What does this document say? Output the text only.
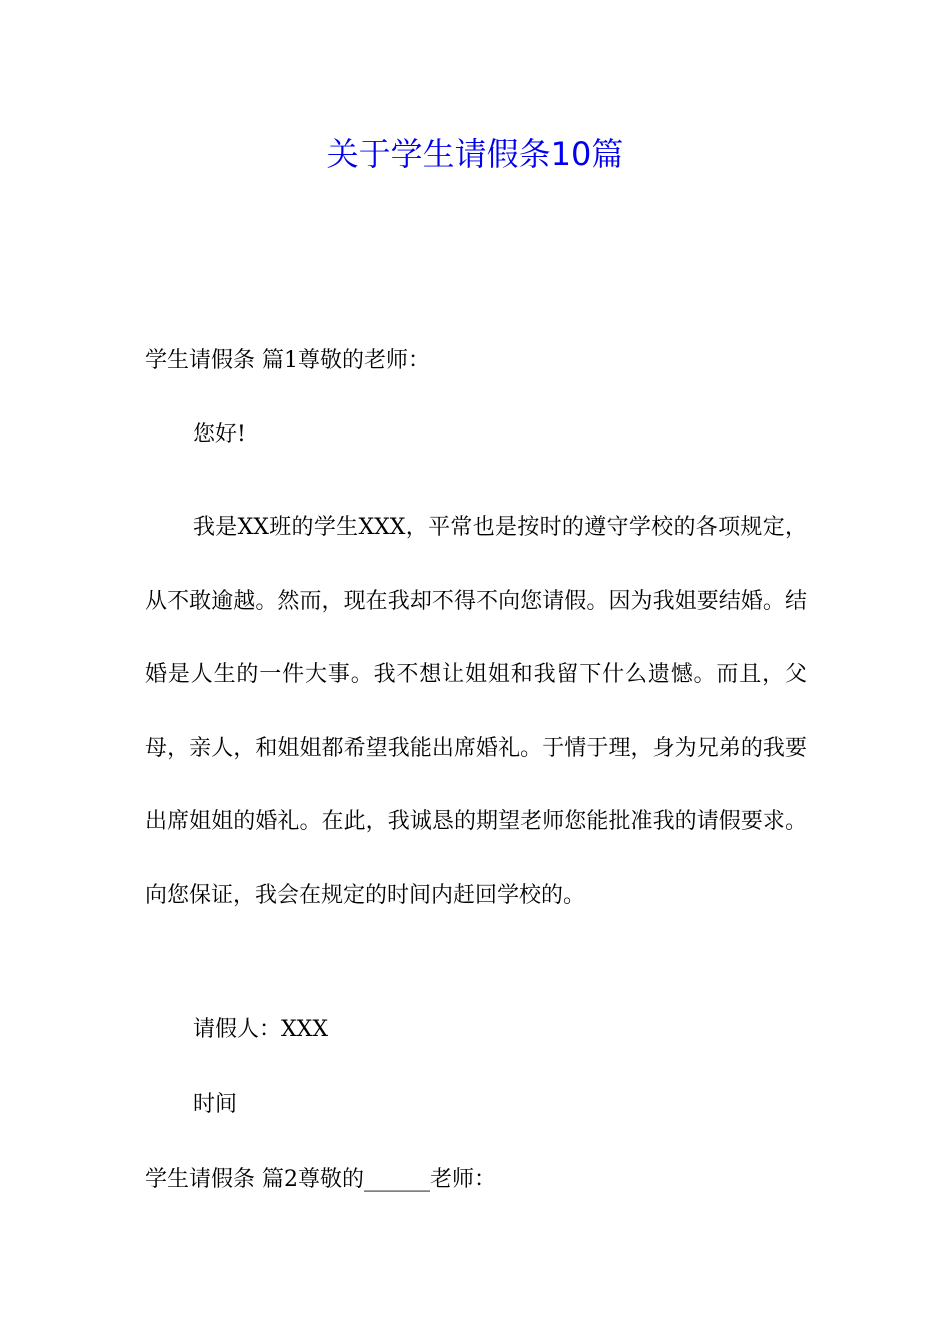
关于学生请假条10篇

学生请假条 篇1尊敬的老师：

您好!

我是XX班的学生XXX，平常也是按时的遵守学校的各项规定，从不敢逾越。然而，现在我却不得不向您请假。因为我姐要结婚。结婚是人生的一件大事。我不想让姐姐和我留下什么遗憾。而且，父母，亲人，和姐姐都希望我能出席婚礼。于情于理，身为兄弟的我要出席姐姐的婚礼。在此，我诚恳的期望老师您能批准我的请假要求。向您保证，我会在规定的时间内赶回学校的。

请假人：XXX

时间

学生请假条 篇2尊敬的______老师：
